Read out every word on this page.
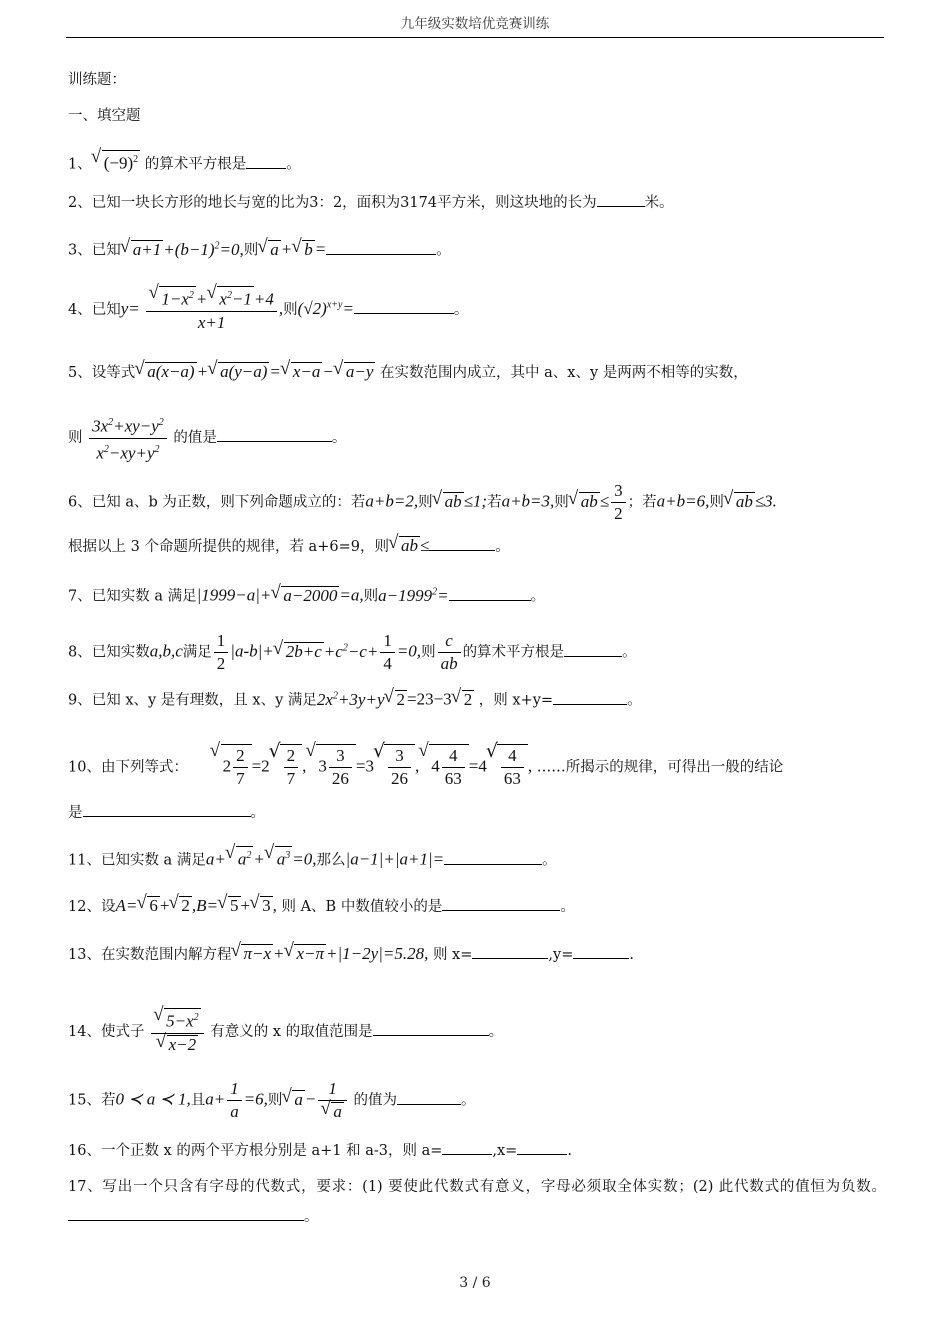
九年级实数培优竞赛训练
训练题：
一、填空题
1、√ $(-9)^2$ 的算术平方根是	。
2、已知一块长方形的地长与宽的比为3：2，面积为3174平方米，则这块地的长为	米。
3、已知√ $a+1 +(b-1)^2=0$,则√ a +√ b =	。
4、已知y=
√ $\frac{1-x^2 +√ x^2-1 +4}{x+1}$ ,则$(√2)^{x+y}=$	。
5、设等式√ a(x−a) +√ a(y−a) =√ x−a −√ a−y 在实数范围内成立，其中 a、x、y 是两两不相等的实数，
则 $\frac{3x^2+xy-y^2}{x^2-xy+y^2}$ 的值是	。
6、已知 a、b 为正数，则下列命题成立的：若a+b=2,则√ ab ≤1;若a+b=3,则√ ab ≤ $\frac{3}{2}$ ；若a+b=6,则√ ab ≤3.
根据以上 3 个命题所提供的规律，若 a+6=9，则√ ab ≤	。
7、已知实数 a 满足|1999−a|+√ a−2000 =a,则$a-1999^2=$	。
8、已知实数a,b,c满足 $\frac{1}{2} |a-b|+√$ $2b+c +c^2-c+ \frac{1}{4} =0$,则 $\frac{c}{ab}$ 的算术平方根是	。
9、已知 x、y 是有理数，且 x、y 满足$2x^2+3y+y√$ 2 =23−3√ 2 ，则 x+y=	。
10、由下列等式： √ $2 \frac{2}{7} =2$
√ $\frac{2}{7}$ ,√ $3 \frac{3}{26} =3$
√ $\frac{3}{26}$ ,√ $4 \frac{4}{63} =4$
√ $\frac{4}{63}$ , ……所揭示的规律，可得出一般的结论
是	。
11、已知实数 a 满足a+√ $a^2$ +√ $a^3 =0$,那么|a−1|+|a+1|=	。
12、设A=√ 6 +√ 2 ,B=√ 5 +√ 3 , 则 A、B 中数值较小的是	。
13、在实数范围内解方程√ π−x +√ x−π +|1−2y|=5.28, 则 x=	,y=	.
14、使式子
√ $5-x^2$
√ x−2 有意义的 x 的取值范围是	。
15、若0 ≺ a ≺ 1,且$a+ \frac{1}{a} =6$,则√ a − 1
√ a 的值为	。
16、一个正数 x 的两个平方根分别是 a+1 和 a-3，则 a=	,x=	.
17、写出一个只含有字母的代数式，要求：(1) 要使此代数式有意义，字母必须取全体实数；(2) 此代数式的值恒为负数。。
3 / 6
